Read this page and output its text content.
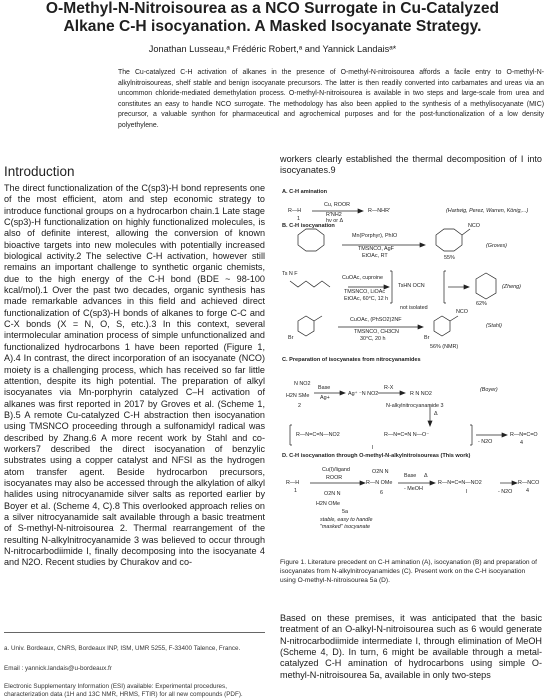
O-Methyl-N-Nitroisourea as a NCO Surrogate in Cu-Catalyzed
Alkane C-H isocyanation. A Masked Isocyanate Strategy.
Jonathan Lusseau,ᵃ Frédéric Robert,ᵃ and Yannick Landaisᵃ*
The Cu-catalyzed C-H activation of alkanes in the presence of O-methyl-N-nitroisourea affords a facile entry to O-methyl-N-alkylnitroisoureas, shelf stable and benign isocyanate precursors. The latter is then readily converted into carbamates and ureas via an uncommon chloride-mediated demethylation process. O-methyl-N-nitroisourea is available in two steps and large-scale from urea and constitutes an easy to handle NCO surrogate. The methodology has also been applied to the synthesis of a methylisocyanate (MIC) precursor, a valuable synthon for pharmaceutical and agrochemical purposes and for the post-functionalization of a low density polyethylene.
Introduction

The direct functionalization of the C(sp3)-H bond represents one of the most efficient, atom and step economic strategy to introduce functional groups on a hydrocarbon chain.1 Late stage C(sp3)-H functionalization on highly functionalized molecules, is also of definite interest, allowing the conversion of known bioactive targets into new molecules with potentially increased biological activity.2 The selective C-H activation, however still remains an important challenge to synthetic organic chemists, due to the high energy of the C-H bond (BDE ~ 98-100 kcal/mol).1 Over the past two decades, organic synthesis has made remarkable advances in this field and achieved direct functionalization of C(sp3)-H bonds of alkanes to forge C-C and C-X bonds (X = N, O, S, etc.).3 In this context, several intermolecular amination process of simple unfunctionalized and functionalized hydrocarbons 1 have been reported (Figure 1, A).4 In contrast, the direct incorporation of an isocyanate (NCO) moiety is a challenging process, which has received so far little attention, despite its high potential. The preparation of alkyl isocyanates via Mn-porphyrin catalyzed C–H activation of alkanes was first reported in 2017 by Groves et al. (Scheme 1, B).5 A remote Cu-catalyzed C-H abstraction then isocyanation using TMSNCO proceeding through a sulfonamidyl radical was described by Zhang.6 A more recent work by Stahl and co-workers7 described the direct isocyanation of benzylic substrates using a copper catalyst and NFSI as the hydrogen atom transfer agent. Beside hydrocarbon precursors, isocyanates may also be accessed through the alkylation of alkyl halides using nitrocyanamide silver salts as reported earlier by Boyer et al. (Scheme 4, C).8 This overlooked approach relies on a silver nitrocyanamide salt available through a basic treatment of S-methyl-N-nitroisourea 2. Thermal rearrangement of the resulting N-alkylnitrocyanamide 3 was believed to occur through N-nitrocarbodiimide I, finally decomposing into the isocyanate 4 and N2O. Recent studies by Churakov and co-

workers clearly established the thermal decomposition of I into isocyanates.9

A. C-H amination
R—H
1
Cu, ROOR
R'NH2
hν or Δ
R—NHR'	(Hartwig, Perez, Warren, König,...)
B. C-H isocyanation
Mn(Porphyr), PhIO
TMSNCO, AgF
EtOAc, RT
NCO
55%
(Groves)
Ts N F
CuOAc, cuproine
TMSNCO, LiOAc
EtOAc, 60°C, 12 h
TsHN OCN
not isolated
62%
(Zheng)
Br
CuOAc, (PhSO2)2NF
TMSNCO, CH3CN
30°C, 20 h
NCO
Br
56% (NMR)
(Stahl)
C. Preparation of isocyanates from nitrocyanamides
N NO2
H2N SMe
2
Base
Ag+
Ag⁺ ⁻N NO2
R-X
R N NO2
N-alkylnitrocyanamide 3
(Boyer)
Δ
R—N=C=N—NO2	R—N=C=N N—O⁻
I
- N2O
R—N=C=O
4
D. C-H isocyanation through O-methyl-N-alkylnitroisoureas (This work)
R—H
1
Cu(I)/ligand
ROOR
O2N N
H2N OMe
5a
stable, easy to handle
"masked" isocyanate
O2N N
R—N OMe
6
Base Δ
- MeOH
R—N=C=N—NO2
I	- N2O
R—NCO
4
Figure 1. Literature precedent on C-H amination (A), isocyanation (B) and preparation of isocyanates from N-alkylnitrocyanamides (C). Present work on the C-H isocyanation using O-methyl-N-nitroisourea 5a (D).

Based on these premises, it was anticipated that the basic treatment of an O-alkyl-N-nitroisourea such as 6 would generate N-nitrocarbodiimide intermediate I, through elimination of MeOH (Scheme 4, D). In turn, 6 might be available through a metal-catalyzed C-H amination of hydrocarbons using simple O-methyl-N-nitroisourea 5a, available in only two-steps

a. Univ. Bordeaux, CNRS, Bordeaux INP, ISM, UMR 5255, F-33400 Talence, France.
Email : yannick.landais@u-bordeaux.fr
Electronic Supplementary Information (ESI) available: Experimental procedures, characterization data (1H and 13C NMR, HRMS, FTIR) for all new compounds (PDF).
